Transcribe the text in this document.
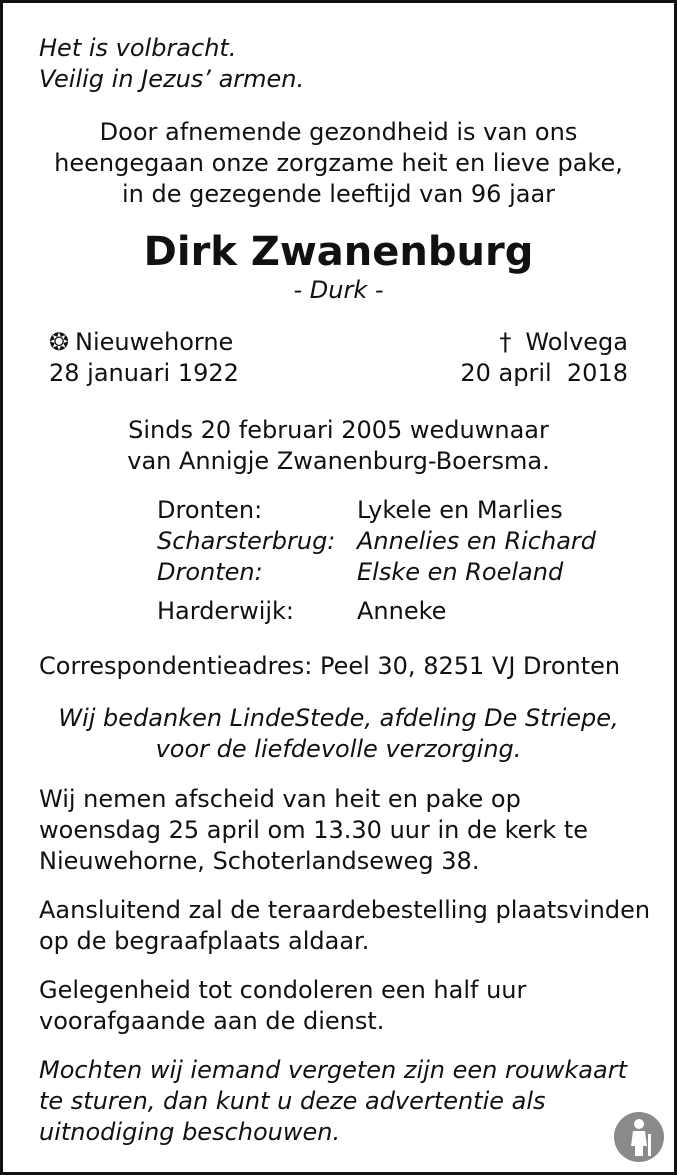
Het is volbracht.
Veilig in Jezus’ armen.
Door afnemende gezondheid is van ons
heengegaan onze zorgzame heit en lieve pake,
in de gezegende leeftijd van 96 jaar
Dirk Zwanenburg
- Durk -
❂ Nieuwehorne	† Wolvega
28 januari 1922	20 april  2018
Sinds 20 februari 2005 weduwnaar
van Annigje Zwanenburg-Boersma.
Dronten:	Lykele en Marlies
Scharsterbrug: Annelies en Richard
Dronten:	Elske en Roeland
Harderwijk:	Anneke
Correspondentieadres: Peel 30, 8251 VJ Dronten
Wij bedanken LindeStede, afdeling De Striepe,
voor de liefdevolle verzorging.
Wij nemen afscheid van heit en pake op
woensdag 25 april om 13.30 uur in de kerk te
Nieuwehorne, Schoterlandseweg 38.
Aansluitend zal de teraardebestelling plaatsvinden
op de begraafplaats aldaar.
Gelegenheid tot condoleren een half uur
voorafgaande aan de dienst.
Mochten wij iemand vergeten zijn een rouwkaart
te sturen, dan kunt u deze advertentie als
uitnodiging beschouwen.
